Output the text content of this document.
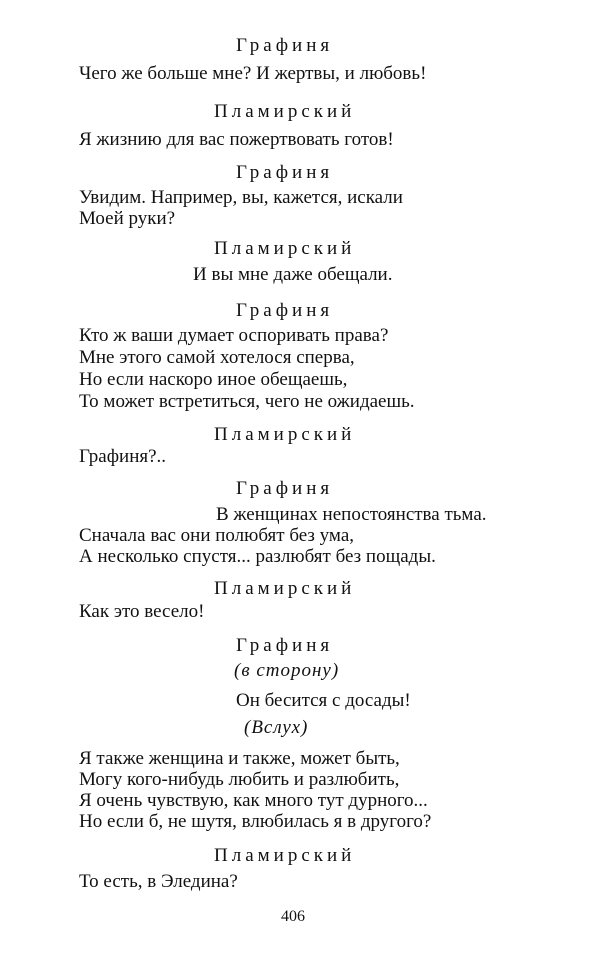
Графиня
Чего же больше мне? И жертвы, и любовь!
Пламирский
Я жизнию для вас пожертвовать готов!
Графиня
Увидим. Например, вы, кажется, искали
Моей руки?
Пламирский
И вы мне даже обещали.
Графиня
Кто ж ваши думает оспоривать права?
Мне этого самой хотелося сперва,
Но если наскоро иное обещаешь,
То может встретиться, чего не ожидаешь.
Пламирский
Графиня?..
Графиня
В женщинах непостоянства тьма.
Сначала вас они полюбят без ума,
А несколько спустя... разлюбят без пощады.
Пламирский
Как это весело!
Графиня
(в сторону)
Он бесится с досады!
(Вслух)
Я также женщина и также, может быть,
Могу кого-нибудь любить и разлюбить,
Я очень чувствую, как много тут дурного...
Но если б, не шутя, влюбилась я в другого?
Пламирский
То есть, в Элединa?
406
